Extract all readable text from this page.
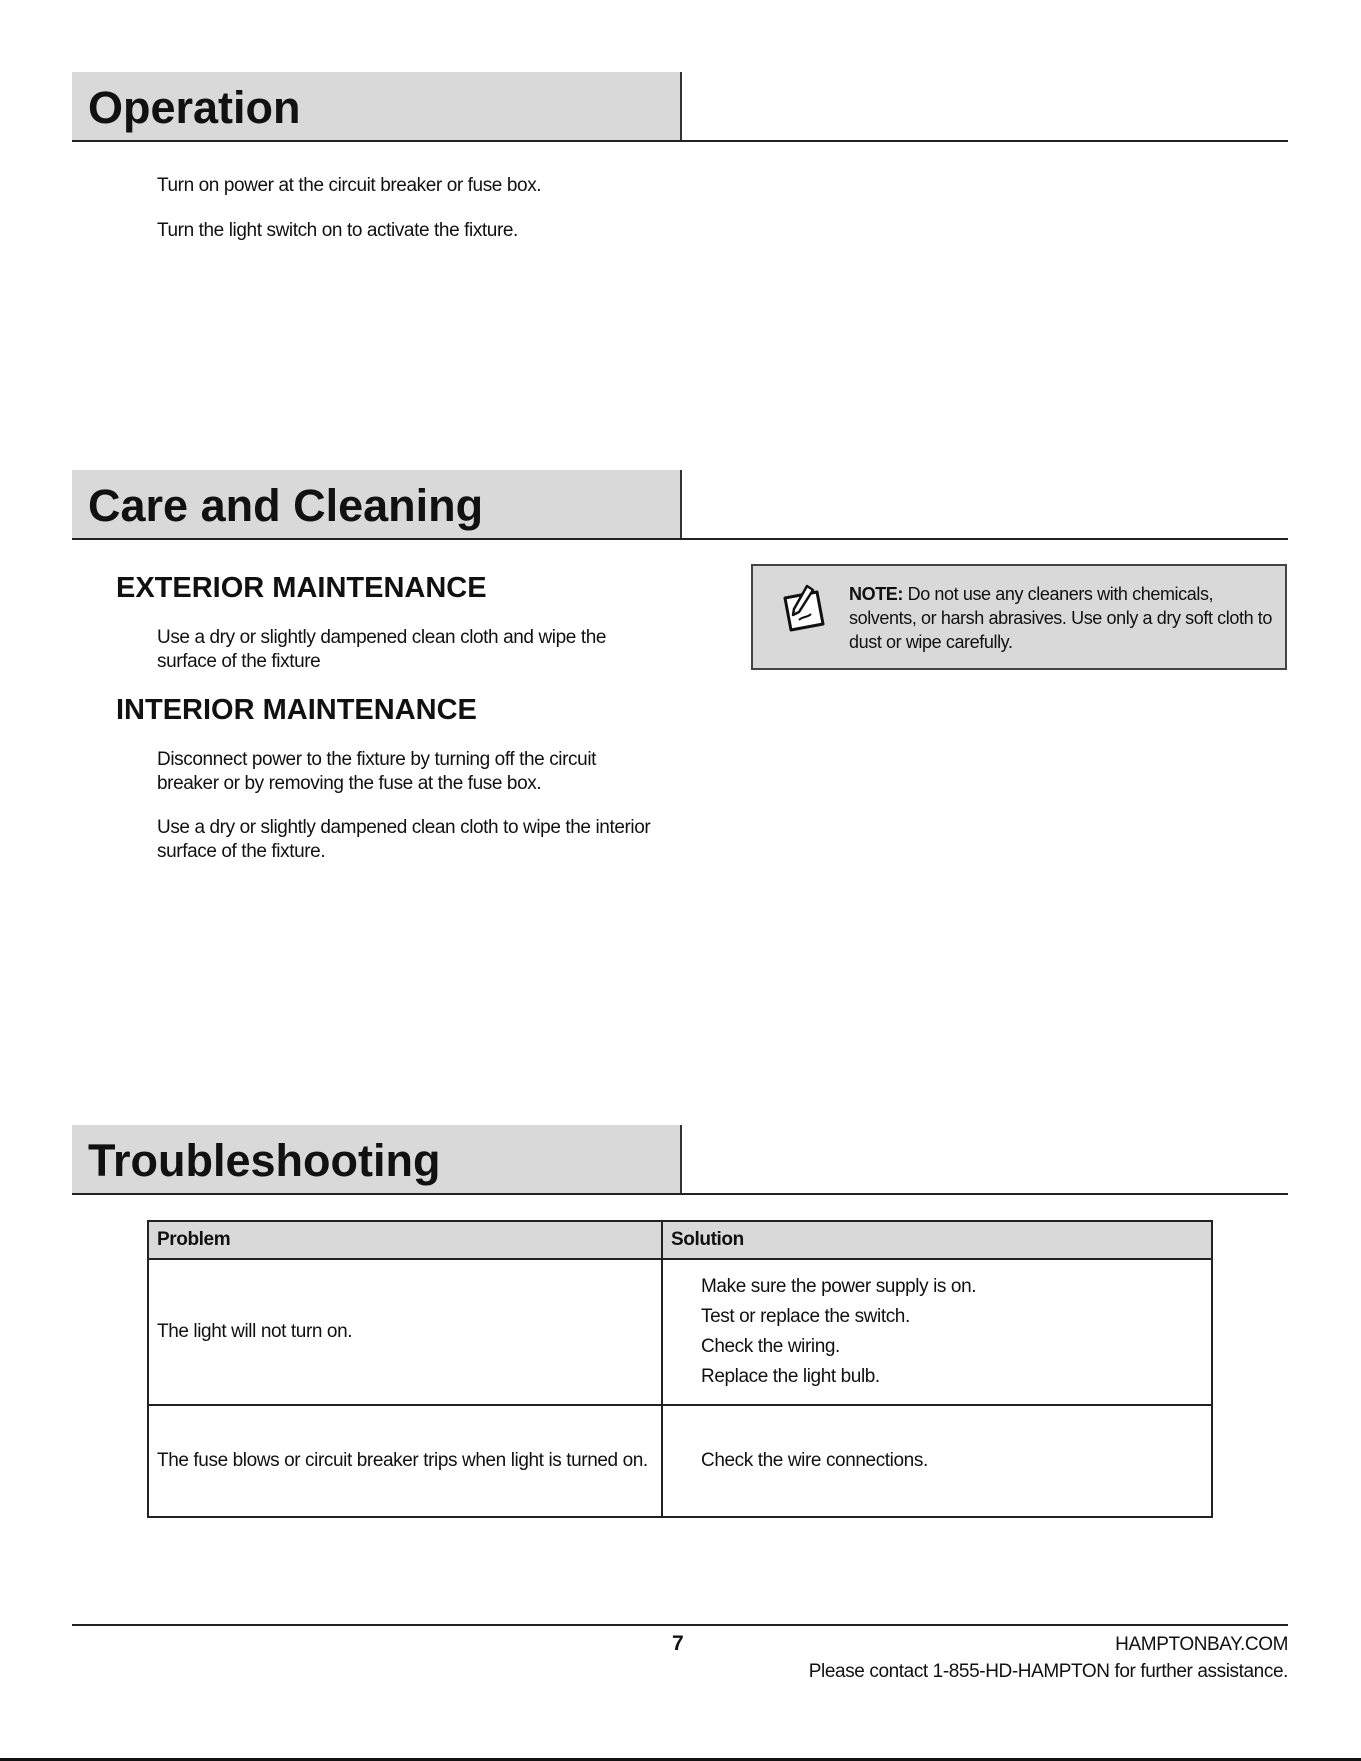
Operation

Turn on power at the circuit breaker or fuse box.

Turn the light switch on to activate the fixture.

Care and Cleaning
EXTERIOR MAINTENANCE

Use a dry or slightly dampened clean cloth and wipe the surface of the fixture

INTERIOR MAINTENANCE

Disconnect power to the fixture by turning off the circuit breaker or by removing the fuse at the fuse box.

Use a dry or slightly dampened clean cloth to wipe the interior surface of the fixture.

NOTE: Do not use any cleaners with chemicals, solvents, or harsh abrasives. Use only a dry soft cloth to dust or wipe carefully.
Troubleshooting
Problem	Solution
The light will not turn on.	Make sure the power supply is on.
Test or replace the switch.
Check the wiring.
Replace the light bulb.

The fuse blows or circuit breaker trips when light is turned on.	Check the wire connections.
7	HAMPTONBAY.COM
Please contact 1-855-HD-HAMPTON for further assistance.
